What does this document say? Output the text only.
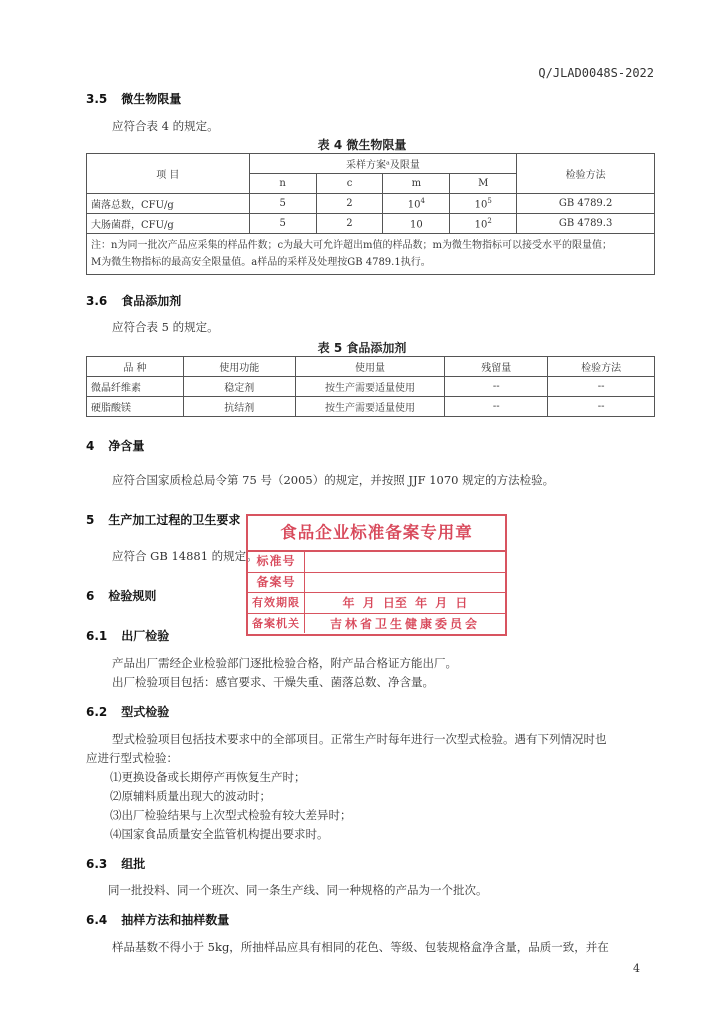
Q/JLAD0048S-2022
3.5 微生物限量
应符合表 4 的规定。
表 4 微生物限量
项 目	采样方案ᵃ及限量				检验方法
	n	c	m	M	
菌落总数，CFU/g	5	2	$10^4$	$10^5$	GB 4789.2
大肠菌群，CFU/g	5	2	10	$10^2$	GB 4789.3

注：n为同一批次产品应采集的样品件数；c为最大可允许超出m值的样品数；m为微生物指标可以接受水平的限量值；
M为微生物指标的最高安全限量值。a样品的采样及处理按GB 4789.1执行。					
3.6 食品添加剂
应符合表 5 的规定。
表 5 食品添加剂
品 种	使用功能	使用量	残留量	检验方法
微晶纤维素	稳定剂	按生产需要适量使用	--	--
硬脂酸镁	抗结剂	按生产需要适量使用	--	--
4 净含量
应符合国家质检总局令第 75 号（2005）的规定，并按照 JJF 1070 规定的方法检验。
5 生产加工过程的卫生要求
应符合 GB 14881 的规定。
6 检验规则
6.1 出厂检验
产品出厂需经企业检验部门逐批检验合格，附产品合格证方能出厂。
出厂检验项目包括：感官要求、干燥失重、菌落总数、净含量。
6.2 型式检验
型式检验项目包括技术要求中的全部项目。正常生产时每年进行一次型式检验。遇有下列情况时也
应进行型式检验：
⑴更换设备或长期停产再恢复生产时；
⑵原辅料质量出现大的波动时；
⑶出厂检验结果与上次型式检验有较大差异时；
⑷国家食品质量安全监管机构提出要求时。
6.3 组批
同一批投料、同一个班次、同一条生产线、同一种规格的产品为一个批次。
6.4 抽样方法和抽样数量
样品基数不得小于 5kg，所抽样品应具有相同的花色、等级、包装规格盒净含量，品质一致，并在
食品企业标准备案专用章
标准号
备案号
有效期限	年 月 日至 年 月 日
备案机关	吉林省卫生健康委员会
4
